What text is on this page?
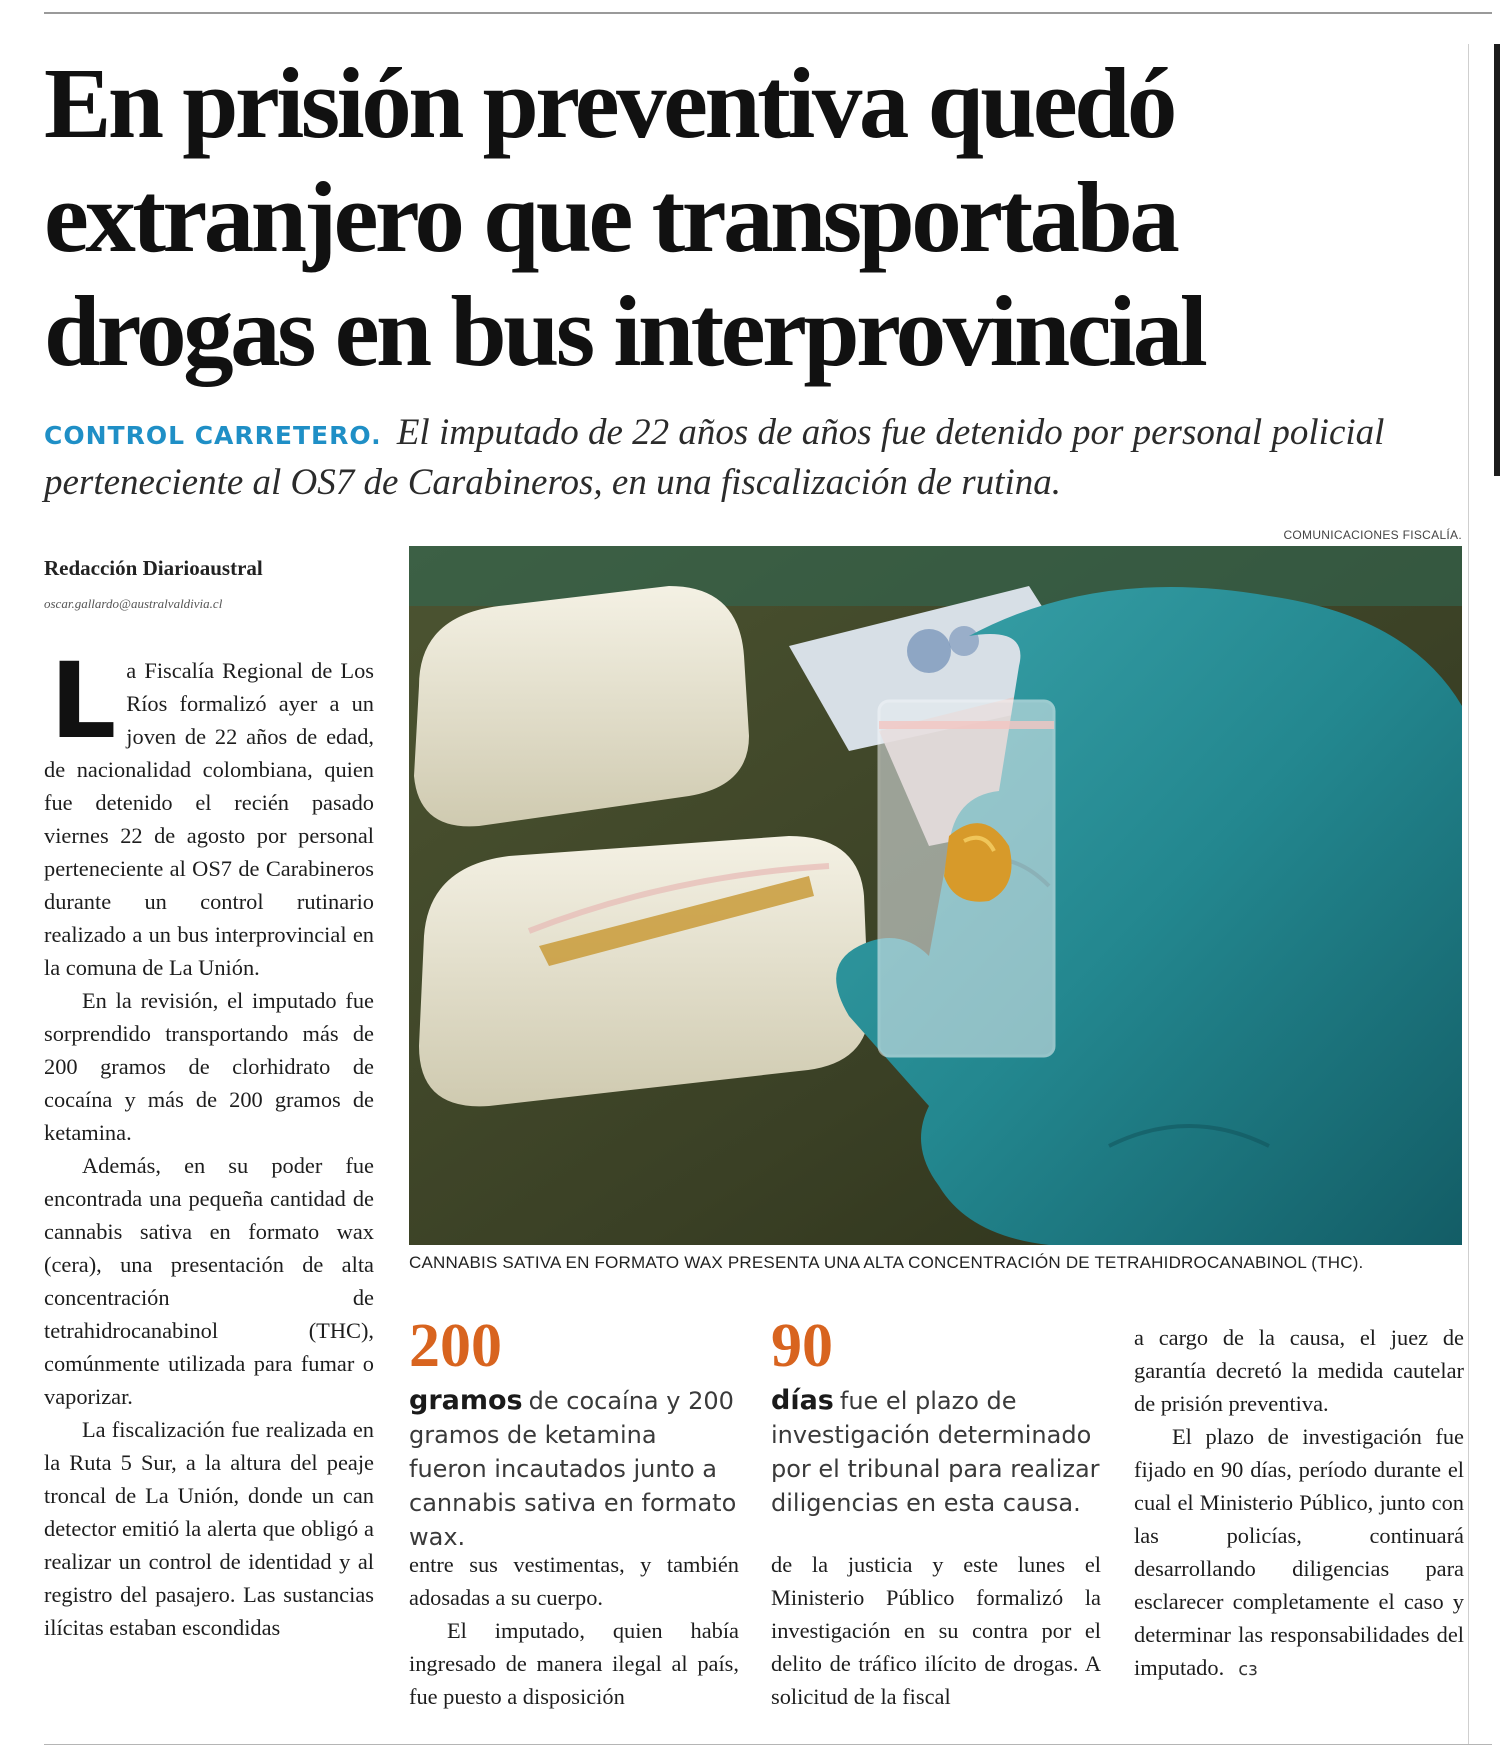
En prisión preventiva quedó extranjero que transportaba drogas en bus interprovincial

CONTROL CARRETERO. El imputado de 22 años de años fue detenido por personal policial perteneciente al OS7 de Carabineros, en una fiscalización de rutina.

COMUNICACIONES FISCALÍA.
CANNABIS SATIVA EN FORMATO WAX PRESENTA UNA ALTA CONCENTRACIÓN DE TETRAHIDROCANABINOL (THC).
Redacción Diarioaustral
oscar.gallardo@australvaldivia.cl

La Fiscalía Regional de Los Ríos formalizó ayer a un joven de 22 años de edad, de nacionalidad colombiana, quien fue detenido el recién pasado viernes 22 de agosto por personal perteneciente al OS7 de Carabineros durante un control rutinario realizado a un bus interprovincial en la comuna de La Unión.

En la revisión, el imputado fue sorprendido transportando más de 200 gramos de clorhidrato de cocaína y más de 200 gramos de ketamina.

Además, en su poder fue encontrada una pequeña cantidad de cannabis sativa en formato wax (cera), una presentación de alta concentración de tetrahidrocanabinol (THC), comúnmente utilizada para fumar o vaporizar.

La fiscalización fue realizada en la Ruta 5 Sur, a la altura del peaje troncal de La Unión, donde un can detector emitió la alerta que obligó a realizar un control de identidad y al registro del pasajero. Las sustancias ilícitas estaban escondidas

200
gramos de cocaína y 200 gramos de ketamina fueron incautados junto a cannabis sativa en formato wax.
90
días fue el plazo de investigación determinado por el tribunal para realizar diligencias en esta causa.

entre sus vestimentas, y también adosadas a su cuerpo.

El imputado, quien había ingresado de manera ilegal al país, fue puesto a disposición

de la justicia y este lunes el Ministerio Público formalizó la investigación en su contra por el delito de tráfico ilícito de drogas. A solicitud de la fiscal

a cargo de la causa, el juez de garantía decretó la medida cautelar de prisión preventiva.

El plazo de investigación fue fijado en 90 días, período durante el cual el Ministerio Público, junto con las policías, continuará desarrollando diligencias para esclarecer completamente el caso y determinar las responsabilidades del imputado. cз
